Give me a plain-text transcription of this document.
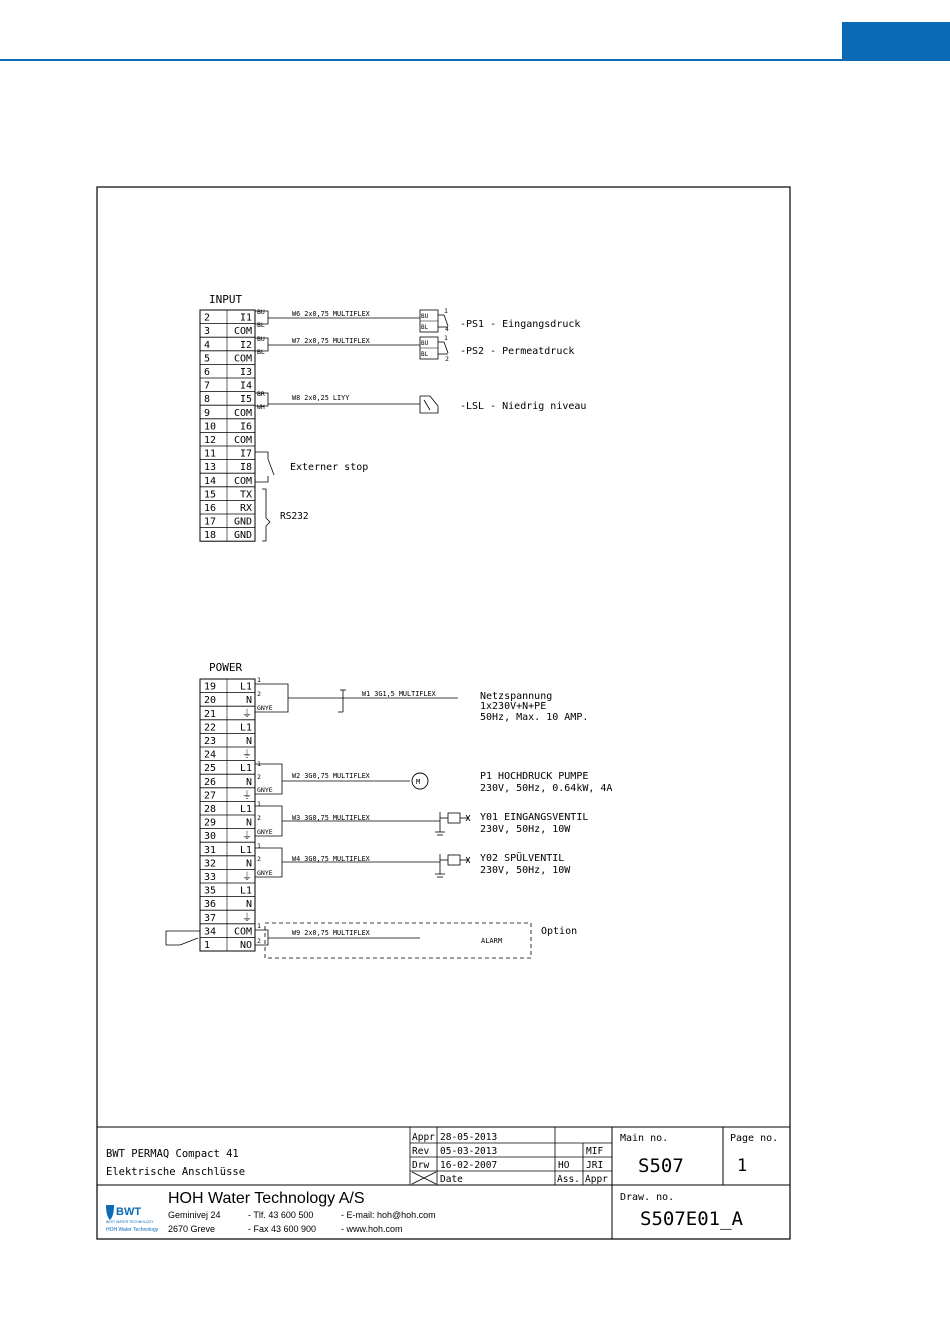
INPUT
2	I1
3 COM
4	I2
5 COM
6	I3
7	I4
8	I5
9 COM
10 I6
12 COM
11 I7
13 I8
14 COM
15 TX
16 RX
17 GND
18 GND
BU
BL
BU
BL
BR
WH
W6 2x0,75 MULTIFLEX	BU
BL
1
4 -PS1 - Eingangsdruck
W7 2x0,75 MULTIFLEX	BU
BL
1
2
-PS2 - Permeatdruck
W8 2x0,25 LIYY
-LSL - Niedrig niveau
Externer stop
RS232
POWER
19 L1
20	N
21	⏚
22 L1
23	N
24	⏚
25 L1
26	N
27	⏚
28 L1
29	N
30	⏚
31 L1
32	N
33	⏚
35 L1
36	N
37	⏚
34 COM
1	NO
1
2
GNYE
W1 3G1,5 MULTIFLEX	Netzspannung
1x230V+N+PE
50Hz, Max. 10 AMP.
1
2
GNYE
W2 3G0,75 MULTIFLEX
M	P1 HOCHDRUCK PUMPE
230V, 50Hz, 0.64kW, 4A
1
2
GNYE
W3 3G0,75 MULTIFLEX	Y01 EINGANGSVENTIL
230V, 50Hz, 10W
1
2
GNYE
W4 3G0,75 MULTIFLEX	Y02 SPÜLVENTIL
230V, 50Hz, 10W
1
2
W9 2x0,75 MULTIFLEX
ALARM
Option
BWT PERMAQ Compact 41
Elektrische Anschlüsse
Appr 28-05-2013
Rev 05-03-2013	MIF
Drw 16-02-2007	HO JRI
Date	Ass. Appr
Main no.
S507
Page no.
1
Draw. no.
S507E01_A
BWT
BEST WATER TECHNOLOGY
HOH Water Technology
HOH Water Technology A/S
Geminivej 24
2670 Greve
- Tlf. 43 600 500
- Fax 43 600 900
- E-mail: hoh@hoh.com
- www.hoh.com
